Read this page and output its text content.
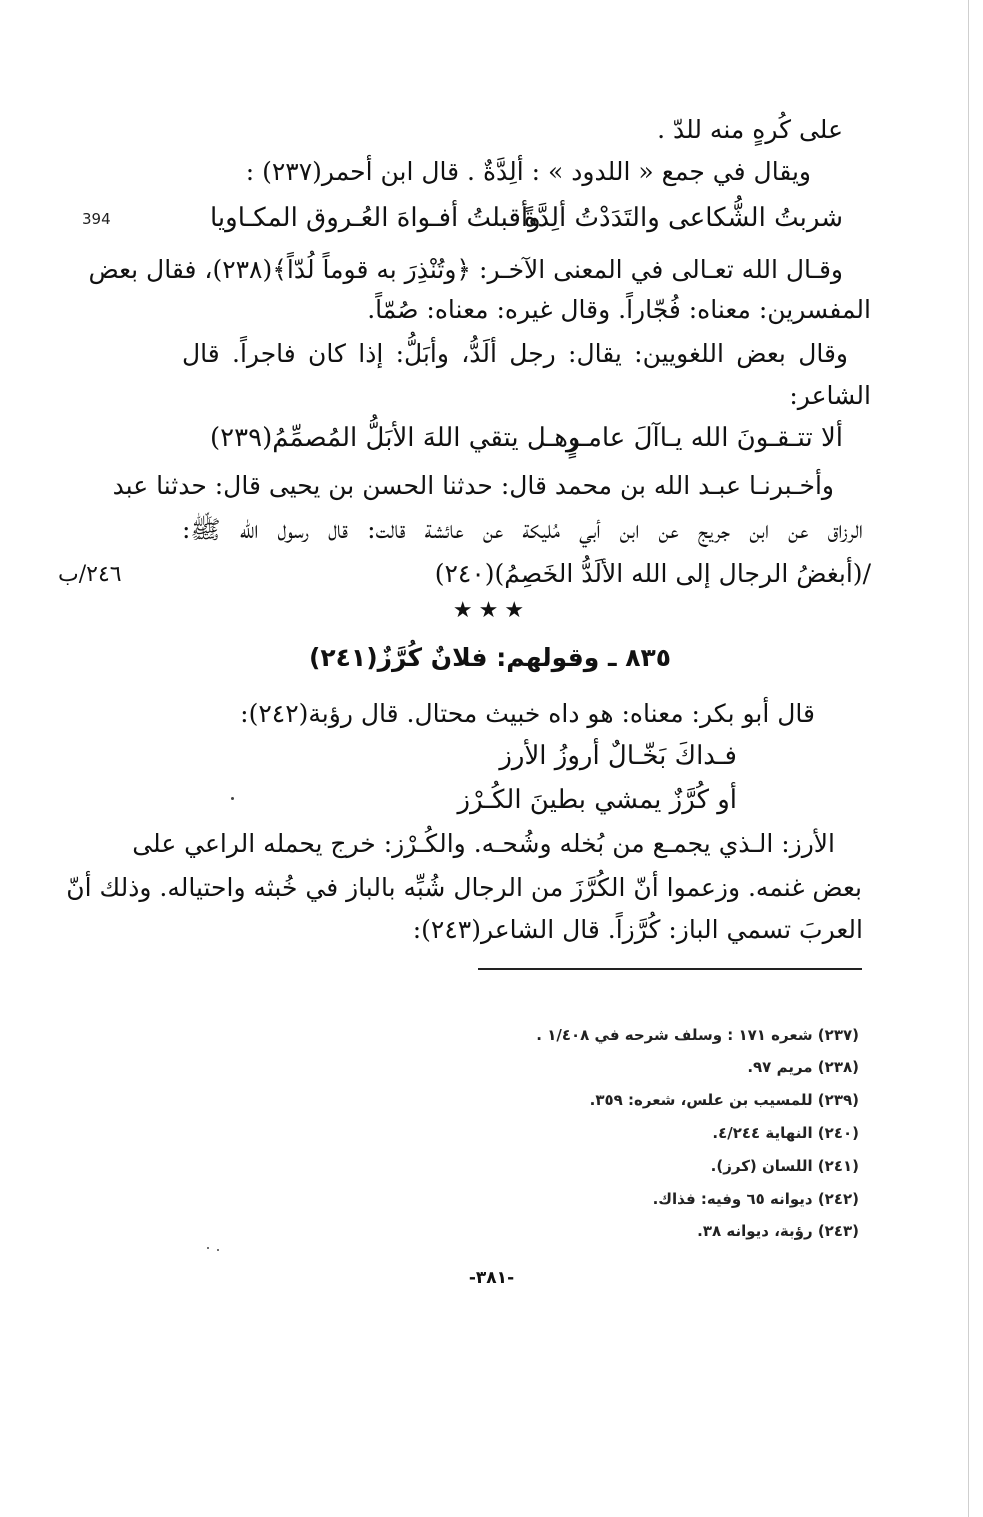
394
٢٤٦/ب
على كُرهٍ منه للدّ .
ويقال في جمع « اللدود » : ألِدَّةٌ . قال ابن أحمر(٢٣٧) :
شربتُ الشُّكاعى والتَدَدْتُ ألِدَّةً
وأقبلتُ أفـواهَ العُـروق المكـاويا
وقـال الله تعـالى في المعنى الآخـر: ﴿وتُنْذِرَ به قوماً لُدّاً﴾(٢٣٨)، فقال بعض
المفسرين: معناه: فُجّاراً. وقال غيره: معناه: صُمّاً.
وقال بعض اللغويين: يقال: رجل ألَدُّ، وأبَلُّ: إذا كان فاجراً. قال
الشاعر:
ألا تتـقـونَ الله يـاآلَ عامـرٍ
وهـل يتقي اللهَ الأبَلُّ المُصمِّمُ(٢٣٩)
وأخـبرنـا عبـد الله بن محمد قال: حدثنا الحسن بن يحيى قال: حدثنا عبد
الرزاق عن ابن جريج عن ابن أبي مُليكة عن عائشة قالت: قال رسول الله ﷺ:
/(أبغضُ الرجال إلى الله الألَدُّ الخَصِمُ)(٢٤٠)
★★★
٨٣٥ ـ وقولهم: فلانٌ كُرَّزٌ(٢٤١)
قال أبو بكر: معناه: هو داه خبيث محتال. قال رؤبة(٢٤٢):
فـداكَ بَخّـالٌ أروزُ الأرز
أو كُرَّزٌ يمشي بطينَ الكُـرْز
الأرز: الـذي يجمـع من بُخله وشُحـه. والكُـرْز: خرج يحمله الراعي على
بعض غنمه. وزعموا أنّ الكُرَّزَ من الرجال شُبِّه بالباز في خُبثه واحتياله. وذلك أنّ
العربَ تسمي الباز: كُرَّزاً. قال الشاعر(٢٤٣):
(٢٣٧) شعره ١٧١ : وسلف شرحه في ١/٤٠٨ .
(٢٣٨) مريم ٩٧.
(٢٣٩) للمسيب بن علس، شعره: ٣٥٩.
(٢٤٠) النهاية ٤/٢٤٤.
(٢٤١) اللسان (كرز).
(٢٤٢) ديوانه ٦٥ وفيه: فذاك.
(٢٤٣) رؤبة، ديوانه ٣٨.
-٣٨١-
